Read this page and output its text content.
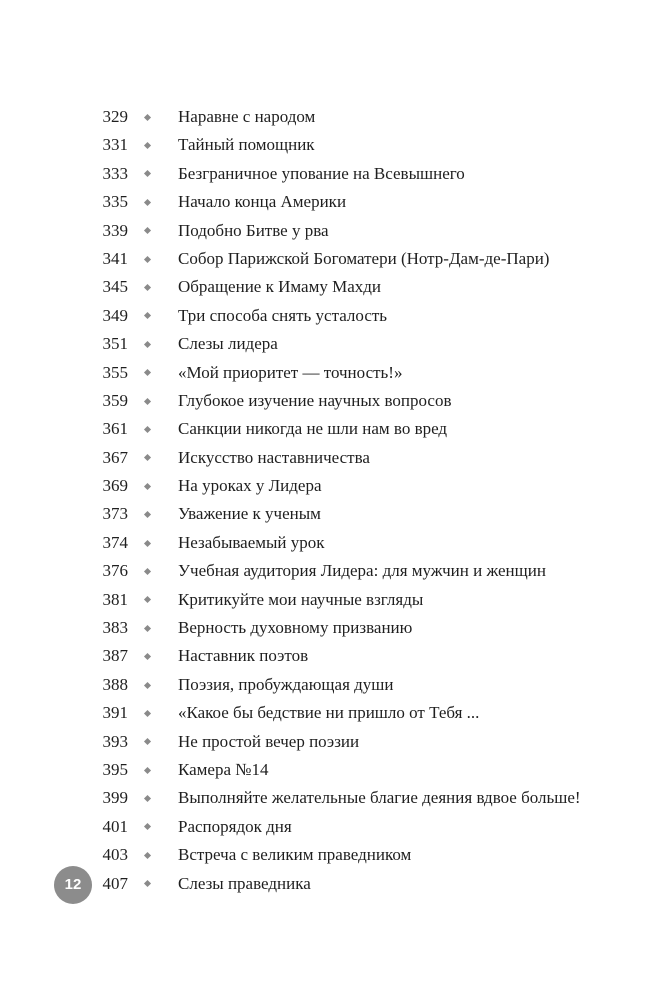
329	Наравне с народом
331	Тайный помощник
333	Безграничное упование на Всевышнего
335	Начало конца Америки
339	Подобно Битве у рва
341	Собор Парижской Богоматери (Нотр-Дам-де-Пари)
345	Обращение к Имаму Махди
349	Три способа снять усталость
351	Слезы лидера
355	«Мой приоритет — точность!»
359	Глубокое изучение научных вопросов
361	Санкции никогда не шли нам во вред
367	Искусство наставничества
369	На уроках у Лидера
373	Уважение к ученым
374	Незабываемый урок
376	Учебная аудитория Лидера: для мужчин и женщин
381	Критикуйте мои научные взгляды
383	Верность духовному призванию
387	Наставник поэтов
388	Поэзия, пробуждающая души
391	«Какое бы бедствие ни пришло от Тебя ...
393	Не простой вечер поэзии
395	Камера №14
399	Выполняйте желательные благие деяния вдвое больше!
401	Распорядок дня
403	Встреча с великим праведником
407	Слезы праведника
12
